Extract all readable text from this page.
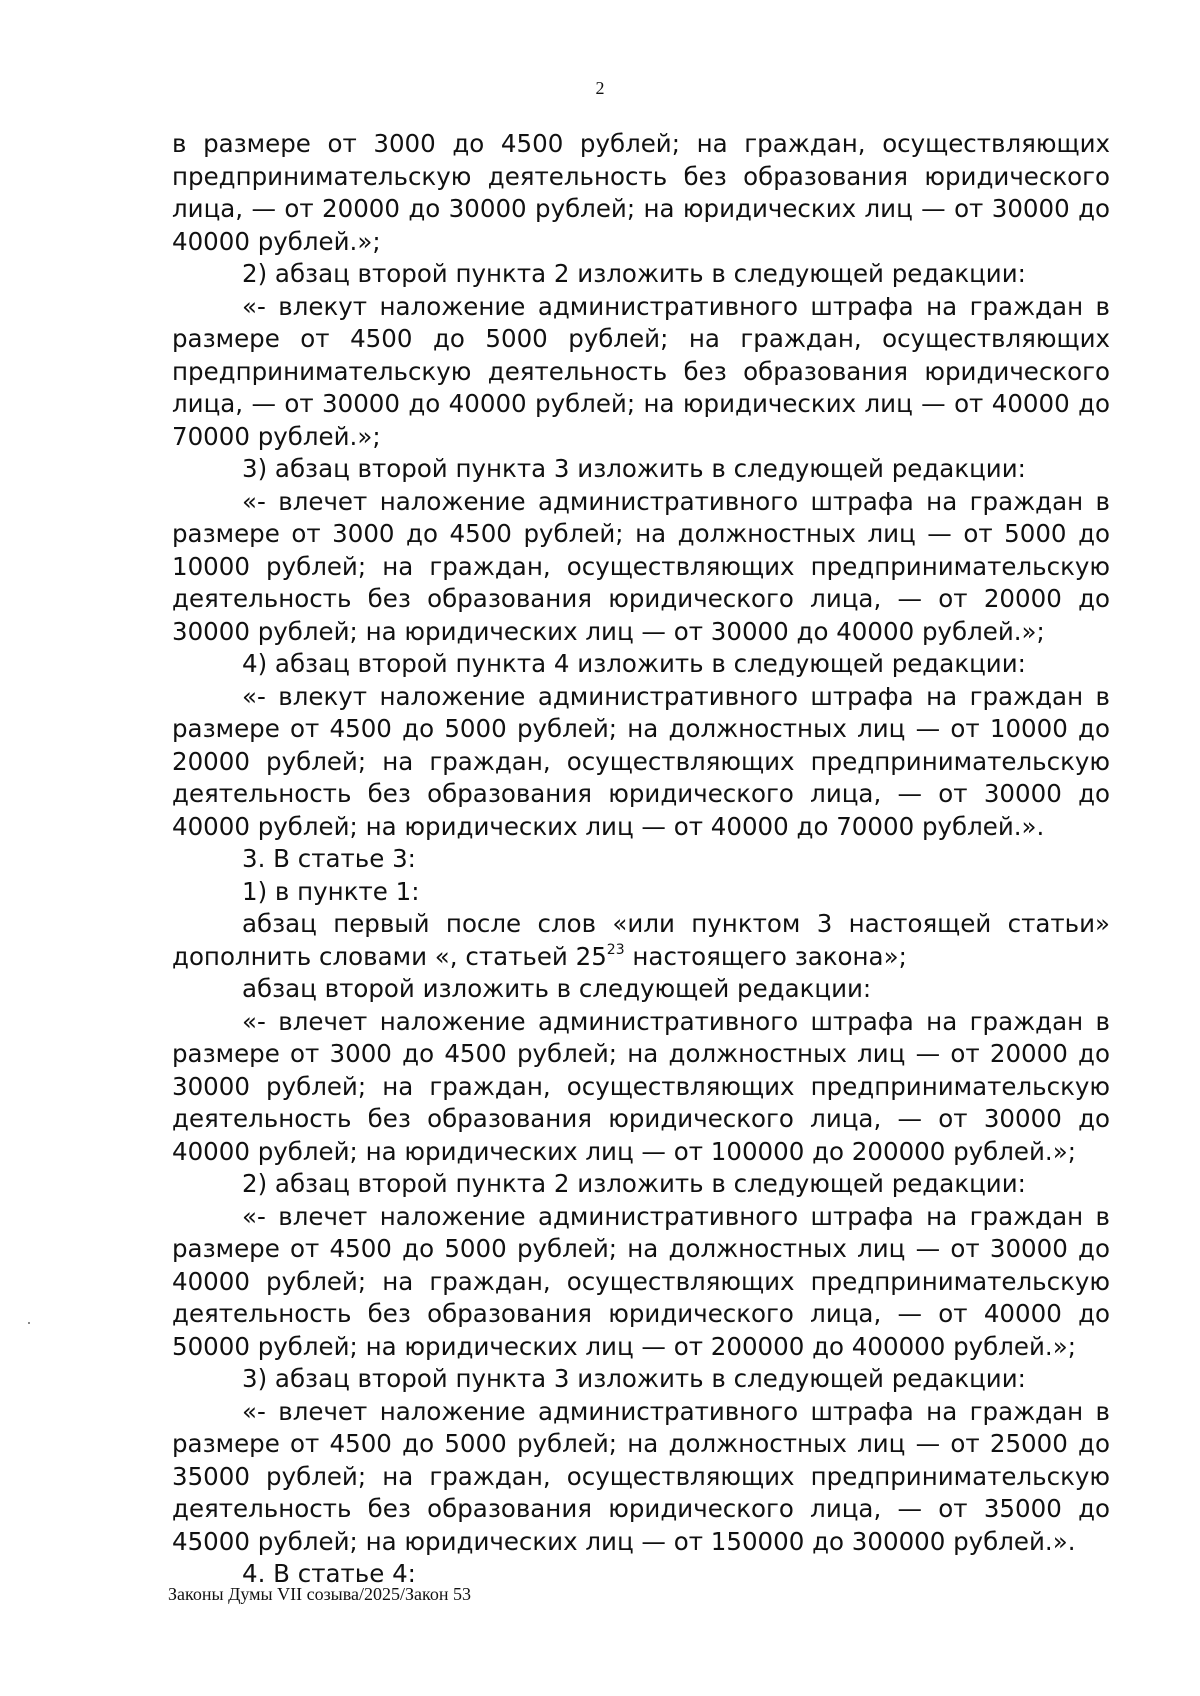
2

в размере от 3000 до 4500 рублей; на граждан, осуществляющих предпринимательскую деятельность без образования юридического лица, — от 20000 до 30000 рублей; на юридических лиц — от 30000 до 40000 рублей.»;

2) абзац второй пункта 2 изложить в следующей редакции:

«- влекут наложение административного штрафа на граждан в размере от 4500 до 5000 рублей; на граждан, осуществляющих предпринимательскую деятельность без образования юридического лица, — от 30000 до 40000 рублей; на юридических лиц — от 40000 до 70000 рублей.»;

3) абзац второй пункта 3 изложить в следующей редакции:

«- влечет наложение административного штрафа на граждан в размере от 3000 до 4500 рублей; на должностных лиц — от 5000 до 10000 рублей; на граждан, осуществляющих предпринимательскую деятельность без образования юридического лица, — от 20000 до 30000 рублей; на юридических лиц — от 30000 до 40000 рублей.»;

4) абзац второй пункта 4 изложить в следующей редакции:

«- влекут наложение административного штрафа на граждан в размере от 4500 до 5000 рублей; на должностных лиц — от 10000 до 20000 рублей; на граждан, осуществляющих предпринимательскую деятельность без образования юридического лица, — от 30000 до 40000 рублей; на юридических лиц — от 40000 до 70000 рублей.».

3. В статье 3:

1) в пункте 1:

абзац первый после слов «или пунктом 3 настоящей статьи» дополнить словами «, статьей $25^{23}$ настоящего закона»;

абзац второй изложить в следующей редакции:

«- влечет наложение административного штрафа на граждан в размере от 3000 до 4500 рублей; на должностных лиц — от 20000 до 30000 рублей; на граждан, осуществляющих предпринимательскую деятельность без образования юридического лица, — от 30000 до 40000 рублей; на юридических лиц — от 100000 до 200000 рублей.»;

2) абзац второй пункта 2 изложить в следующей редакции:

«- влечет наложение административного штрафа на граждан в размере от 4500 до 5000 рублей; на должностных лиц — от 30000 до 40000 рублей; на граждан, осуществляющих предпринимательскую деятельность без образования юридического лица, — от 40000 до 50000 рублей; на юридических лиц — от 200000 до 400000 рублей.»;

3) абзац второй пункта 3 изложить в следующей редакции:

«- влечет наложение административного штрафа на граждан в размере от 4500 до 5000 рублей; на должностных лиц — от 25000 до 35000 рублей; на граждан, осуществляющих предпринимательскую деятельность без образования юридического лица, — от 35000 до 45000 рублей; на юридических лиц — от 150000 до 300000 рублей.».

4. В статье 4:

Законы Думы VII созыва/2025/Закон 53
